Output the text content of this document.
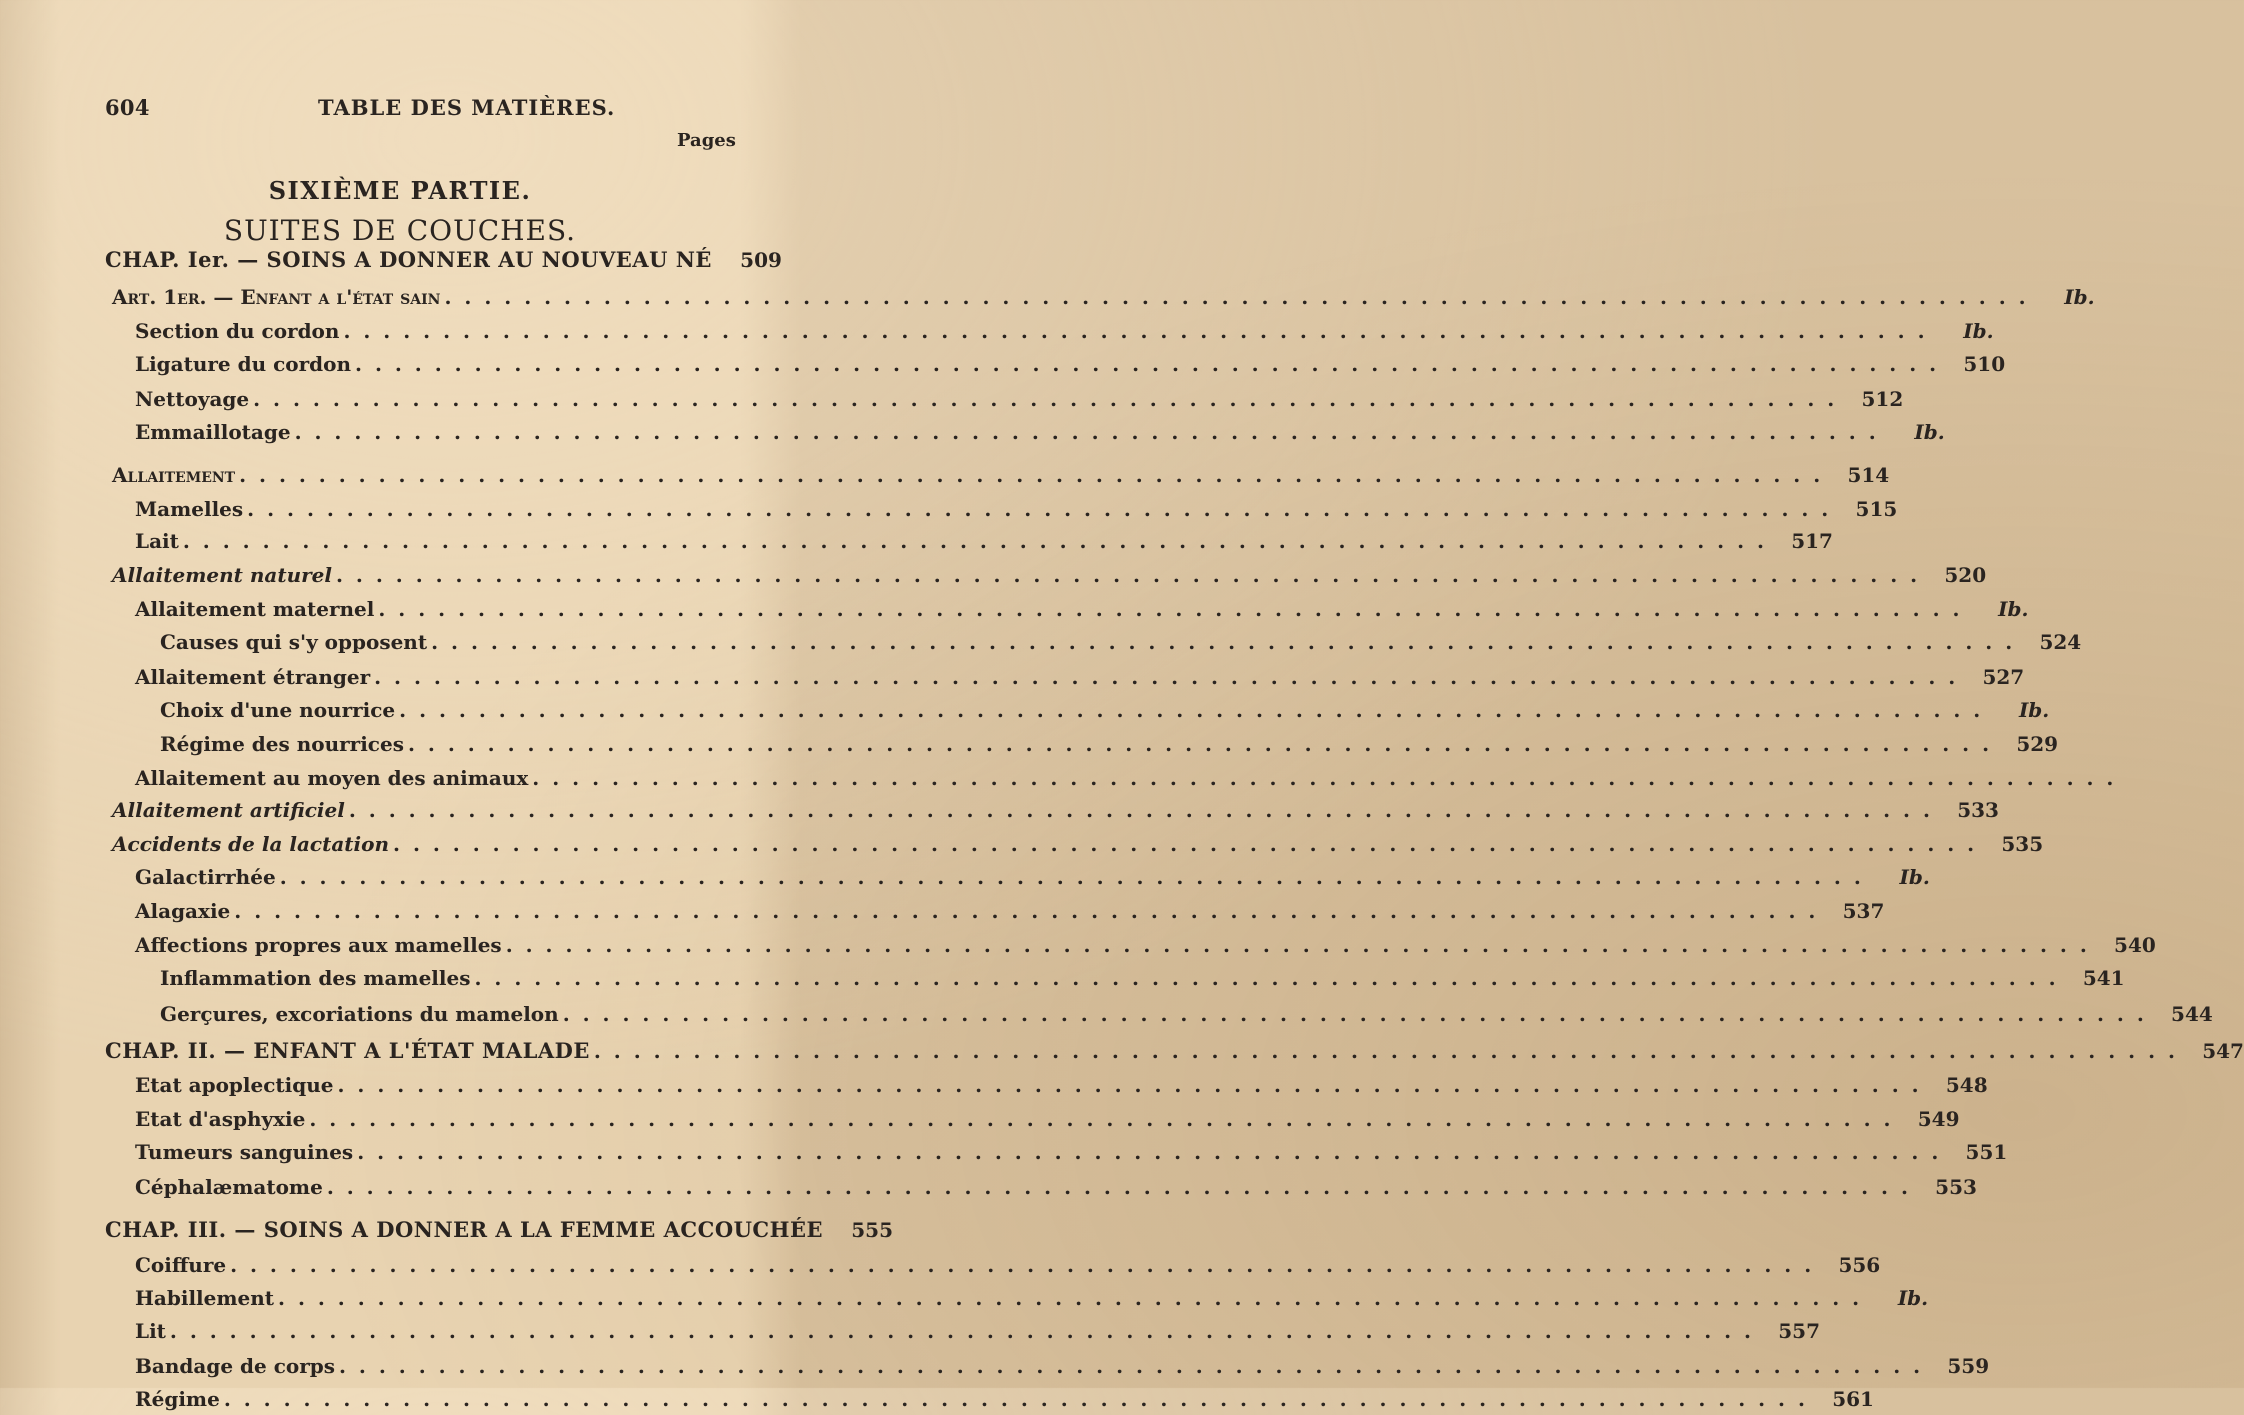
604	TABLE DES MATIÈRES.
Pages
SIXIÈME PARTIE.
SUITES DE COUCHES.
CHAP. Ier. — SOINS A DONNER AU NOUVEAU NÉ	509
Art. 1er. — Enfant a l'état sain . . . . . . . . . . . . . . . . . . . . . . . . . . . . . . . . . . . . . . . . . . . . . . . . . . . . . . . . . . . . . . . . . . . . . . . . . . . . . . . .	Ib.
Section du cordon . . . . . . . . . . . . . . . . . . . . . . . . . . . . . . . . . . . . . . . . . . . . . . . . . . . . . . . . . . . . . . . . . . . . . . . . . . . . . . . .	Ib.
Ligature du cordon . . . . . . . . . . . . . . . . . . . . . . . . . . . . . . . . . . . . . . . . . . . . . . . . . . . . . . . . . . . . . . . . . . . . . . . . . . . . . . . .	510
Nettoyage . . . . . . . . . . . . . . . . . . . . . . . . . . . . . . . . . . . . . . . . . . . . . . . . . . . . . . . . . . . . . . . . . . . . . . . . . . . . . . . .	512
Emmaillotage . . . . . . . . . . . . . . . . . . . . . . . . . . . . . . . . . . . . . . . . . . . . . . . . . . . . . . . . . . . . . . . . . . . . . . . . . . . . . . . .	Ib.
Allaitement . . . . . . . . . . . . . . . . . . . . . . . . . . . . . . . . . . . . . . . . . . . . . . . . . . . . . . . . . . . . . . . . . . . . . . . . . . . . . . . .	514
Mamelles . . . . . . . . . . . . . . . . . . . . . . . . . . . . . . . . . . . . . . . . . . . . . . . . . . . . . . . . . . . . . . . . . . . . . . . . . . . . . . . .	515
Lait . . . . . . . . . . . . . . . . . . . . . . . . . . . . . . . . . . . . . . . . . . . . . . . . . . . . . . . . . . . . . . . . . . . . . . . . . . . . . . . .	517
Allaitement naturel . . . . . . . . . . . . . . . . . . . . . . . . . . . . . . . . . . . . . . . . . . . . . . . . . . . . . . . . . . . . . . . . . . . . . . . . . . . . . . . .	520
Allaitement maternel . . . . . . . . . . . . . . . . . . . . . . . . . . . . . . . . . . . . . . . . . . . . . . . . . . . . . . . . . . . . . . . . . . . . . . . . . . . . . . . .	Ib.
Causes qui s'y opposent . . . . . . . . . . . . . . . . . . . . . . . . . . . . . . . . . . . . . . . . . . . . . . . . . . . . . . . . . . . . . . . . . . . . . . . . . . . . . . . .	524
Allaitement étranger . . . . . . . . . . . . . . . . . . . . . . . . . . . . . . . . . . . . . . . . . . . . . . . . . . . . . . . . . . . . . . . . . . . . . . . . . . . . . . . .	527
Choix d'une nourrice . . . . . . . . . . . . . . . . . . . . . . . . . . . . . . . . . . . . . . . . . . . . . . . . . . . . . . . . . . . . . . . . . . . . . . . . . . . . . . . .	Ib.
Régime des nourrices . . . . . . . . . . . . . . . . . . . . . . . . . . . . . . . . . . . . . . . . . . . . . . . . . . . . . . . . . . . . . . . . . . . . . . . . . . . . . . . .	529
Allaitement au moyen des animaux . . . . . . . . . . . . . . . . . . . . . . . . . . . . . . . . . . . . . . . . . . . . . . . . . . . . . . . . . . . . . . . . . . . . . . . . . . . . . . . .
Allaitement artificiel . . . . . . . . . . . . . . . . . . . . . . . . . . . . . . . . . . . . . . . . . . . . . . . . . . . . . . . . . . . . . . . . . . . . . . . . . . . . . . . .	533
Accidents de la lactation . . . . . . . . . . . . . . . . . . . . . . . . . . . . . . . . . . . . . . . . . . . . . . . . . . . . . . . . . . . . . . . . . . . . . . . . . . . . . . . .	535
Galactirrhée . . . . . . . . . . . . . . . . . . . . . . . . . . . . . . . . . . . . . . . . . . . . . . . . . . . . . . . . . . . . . . . . . . . . . . . . . . . . . . . .	Ib.
Alagaxie . . . . . . . . . . . . . . . . . . . . . . . . . . . . . . . . . . . . . . . . . . . . . . . . . . . . . . . . . . . . . . . . . . . . . . . . . . . . . . . .	537
Affections propres aux mamelles . . . . . . . . . . . . . . . . . . . . . . . . . . . . . . . . . . . . . . . . . . . . . . . . . . . . . . . . . . . . . . . . . . . . . . . . . . . . . . . .	540
Inflammation des mamelles . . . . . . . . . . . . . . . . . . . . . . . . . . . . . . . . . . . . . . . . . . . . . . . . . . . . . . . . . . . . . . . . . . . . . . . . . . . . . . . .	541
Gerçures, excoriations du mamelon . . . . . . . . . . . . . . . . . . . . . . . . . . . . . . . . . . . . . . . . . . . . . . . . . . . . . . . . . . . . . . . . . . . . . . . . . . . . . . . .	544
CHAP. II. — ENFANT A L'ÉTAT MALADE . . . . . . . . . . . . . . . . . . . . . . . . . . . . . . . . . . . . . . . . . . . . . . . . . . . . . . . . . . . . . . . . . . . . . . . . . . . . . . . .	547
Etat apoplectique . . . . . . . . . . . . . . . . . . . . . . . . . . . . . . . . . . . . . . . . . . . . . . . . . . . . . . . . . . . . . . . . . . . . . . . . . . . . . . . .	548
Etat d'asphyxie . . . . . . . . . . . . . . . . . . . . . . . . . . . . . . . . . . . . . . . . . . . . . . . . . . . . . . . . . . . . . . . . . . . . . . . . . . . . . . . .	549
Tumeurs sanguines . . . . . . . . . . . . . . . . . . . . . . . . . . . . . . . . . . . . . . . . . . . . . . . . . . . . . . . . . . . . . . . . . . . . . . . . . . . . . . . .	551
Céphalæmatome . . . . . . . . . . . . . . . . . . . . . . . . . . . . . . . . . . . . . . . . . . . . . . . . . . . . . . . . . . . . . . . . . . . . . . . . . . . . . . . .	553
CHAP. III. — SOINS A DONNER A LA FEMME ACCOUCHÉE	555
Coiffure . . . . . . . . . . . . . . . . . . . . . . . . . . . . . . . . . . . . . . . . . . . . . . . . . . . . . . . . . . . . . . . . . . . . . . . . . . . . . . . .	556
Habillement . . . . . . . . . . . . . . . . . . . . . . . . . . . . . . . . . . . . . . . . . . . . . . . . . . . . . . . . . . . . . . . . . . . . . . . . . . . . . . . .	Ib.
Lit . . . . . . . . . . . . . . . . . . . . . . . . . . . . . . . . . . . . . . . . . . . . . . . . . . . . . . . . . . . . . . . . . . . . . . . . . . . . . . . .	557
Bandage de corps . . . . . . . . . . . . . . . . . . . . . . . . . . . . . . . . . . . . . . . . . . . . . . . . . . . . . . . . . . . . . . . . . . . . . . . . . . . . . . . .	559
Régime . . . . . . . . . . . . . . . . . . . . . . . . . . . . . . . . . . . . . . . . . . . . . . . . . . . . . . . . . . . . . . . . . . . . . . . . . . . . . . . .	561
